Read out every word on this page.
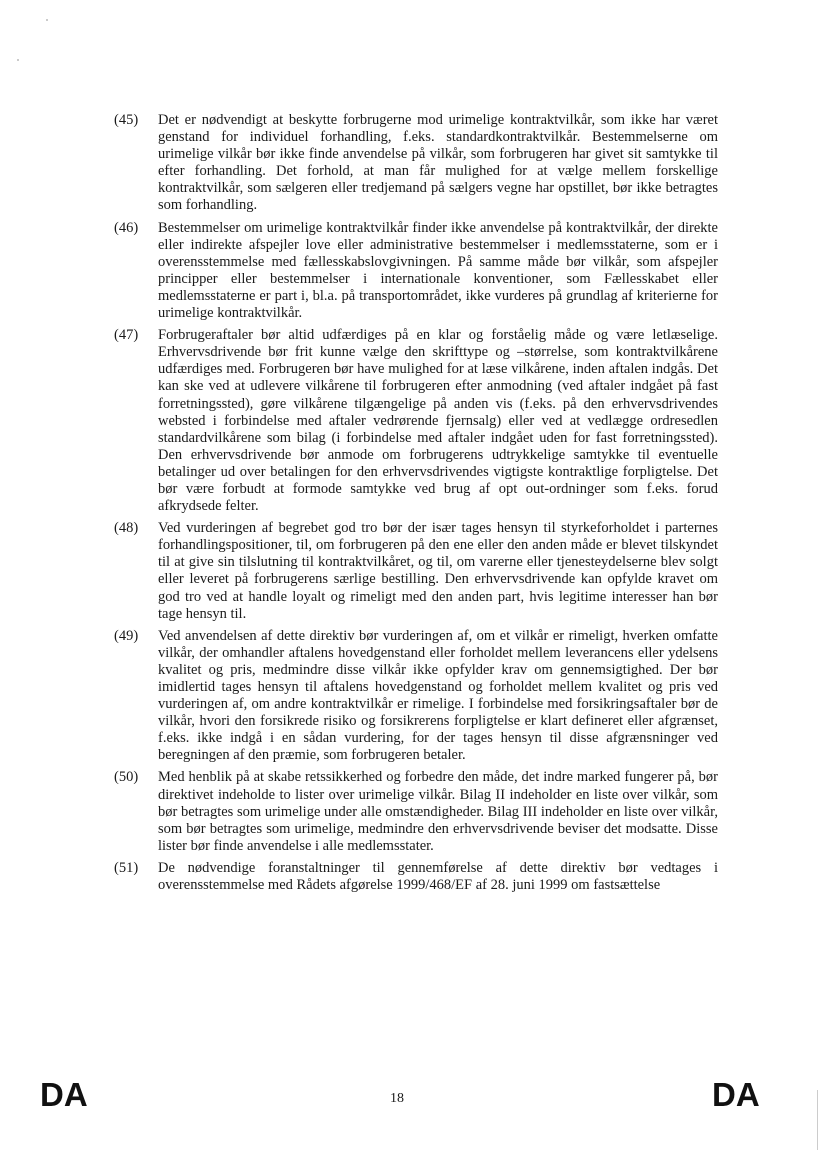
(45) Det er nødvendigt at beskytte forbrugerne mod urimelige kontraktvilkår, som ikke har været genstand for individuel forhandling, f.eks. standardkontraktvilkår. Bestemmelserne om urimelige vilkår bør ikke finde anvendelse på vilkår, som forbrugeren har givet sit samtykke til efter forhandling. Det forhold, at man får mulighed for at vælge mellem forskellige kontraktvilkår, som sælgeren eller tredjemand på sælgers vegne har opstillet, bør ikke betragtes som forhandling.
(46) Bestemmelser om urimelige kontraktvilkår finder ikke anvendelse på kontraktvilkår, der direkte eller indirekte afspejler love eller administrative bestemmelser i medlemsstaterne, som er i overensstemmelse med fællesskabslovgivningen. På samme måde bør vilkår, som afspejler principper eller bestemmelser i internationale konventioner, som Fællesskabet eller medlemsstaterne er part i, bl.a. på transportområdet, ikke vurderes på grundlag af kriterierne for urimelige kontraktvilkår.
(47) Forbrugeraftaler bør altid udfærdiges på en klar og forståelig måde og være letlæselige. Erhvervsdrivende bør frit kunne vælge den skrifttype og –størrelse, som kontraktvilkårene udfærdiges med. Forbrugeren bør have mulighed for at læse vilkårene, inden aftalen indgås. Det kan ske ved at udlevere vilkårene til forbrugeren efter anmodning (ved aftaler indgået på fast forretningssted), gøre vilkårene tilgængelige på anden vis (f.eks. på den erhvervsdrivendes websted i forbindelse med aftaler vedrørende fjernsalg) eller ved at vedlægge ordresedlen standardvilkårene som bilag (i forbindelse med aftaler indgået uden for fast forretningssted). Den erhvervsdrivende bør anmode om forbrugerens udtrykkelige samtykke til eventuelle betalinger ud over betalingen for den erhvervsdrivendes vigtigste kontraktlige forpligtelse. Det bør være forbudt at formode samtykke ved brug af opt out-ordninger som f.eks. forud afkrydsede felter.
(48) Ved vurderingen af begrebet god tro bør der især tages hensyn til styrkeforholdet i parternes forhandlingspositioner, til, om forbrugeren på den ene eller den anden måde er blevet tilskyndet til at give sin tilslutning til kontraktvilkåret, og til, om varerne eller tjenesteydelserne blev solgt eller leveret på forbrugerens særlige bestilling. Den erhvervsdrivende kan opfylde kravet om god tro ved at handle loyalt og rimeligt med den anden part, hvis legitime interesser han bør tage hensyn til.
(49) Ved anvendelsen af dette direktiv bør vurderingen af, om et vilkår er rimeligt, hverken omfatte vilkår, der omhandler aftalens hovedgenstand eller forholdet mellem leverancens eller ydelsens kvalitet og pris, medmindre disse vilkår ikke opfylder krav om gennemsigtighed. Der bør imidlertid tages hensyn til aftalens hovedgenstand og forholdet mellem kvalitet og pris ved vurderingen af, om andre kontraktvilkår er rimelige. I forbindelse med forsikringsaftaler bør de vilkår, hvori den forsikrede risiko og forsikrerens forpligtelse er klart defineret eller afgrænset, f.eks. ikke indgå i en sådan vurdering, for der tages hensyn til disse afgrænsninger ved beregningen af den præmie, som forbrugeren betaler.
(50) Med henblik på at skabe retssikkerhed og forbedre den måde, det indre marked fungerer på, bør direktivet indeholde to lister over urimelige vilkår. Bilag II indeholder en liste over vilkår, som bør betragtes som urimelige under alle omstændigheder. Bilag III indeholder en liste over vilkår, som bør betragtes som urimelige, medmindre den erhvervsdrivende beviser det modsatte. Disse lister bør finde anvendelse i alle medlemsstater.
(51) De nødvendige foranstaltninger til gennemførelse af dette direktiv bør vedtages i overensstemmelse med Rådets afgørelse 1999/468/EF af 28. juni 1999 om fastsættelse
DA	18	DA
